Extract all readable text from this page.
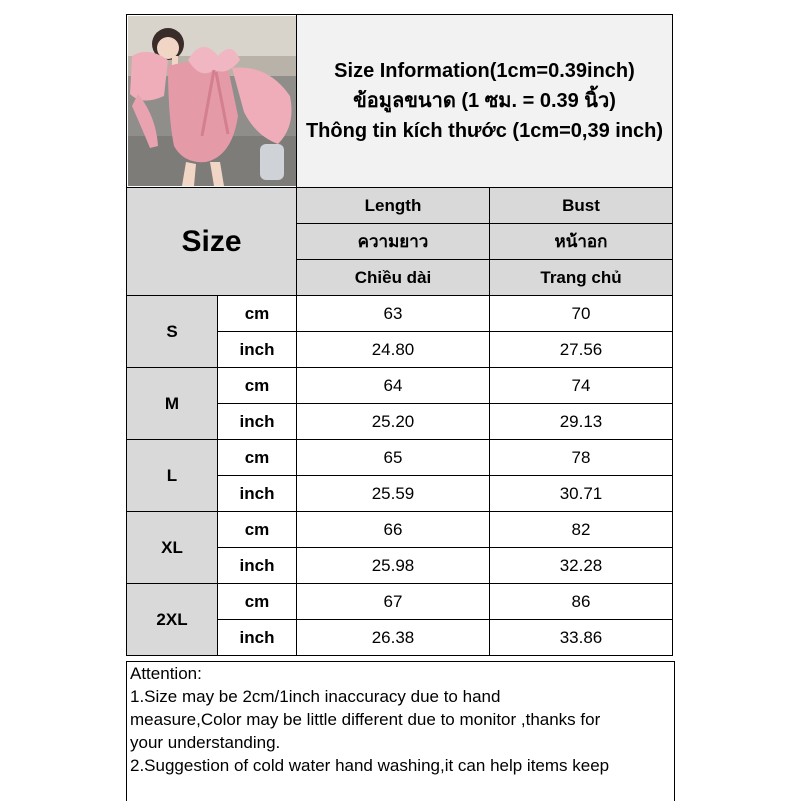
Size Information(1cm=0.39inch)
ข้อมูลขนาด (1 ซม. = 0.39 นิ้ว)
Thông tin kích thước (1cm=0,39 inch)	

Size		Length	Bust
		ความยาว	หน้าอก
		Chiều dài	Trang chủ
S	cm	63	70
	inch	24.80	27.56
M	cm	64	74
	inch	25.20	29.13
L	cm	65	78
	inch	25.59	30.71
XL	cm	66	82
	inch	25.98	32.28
2XL	cm	67	86
	inch	26.38	33.86
Attention:
1.Size may be 2cm/1inch inaccuracy due to hand
measure,Color may be little different due to monitor ,thanks for
your understanding.
2.Suggestion of cold water hand washing,it can help items keep
